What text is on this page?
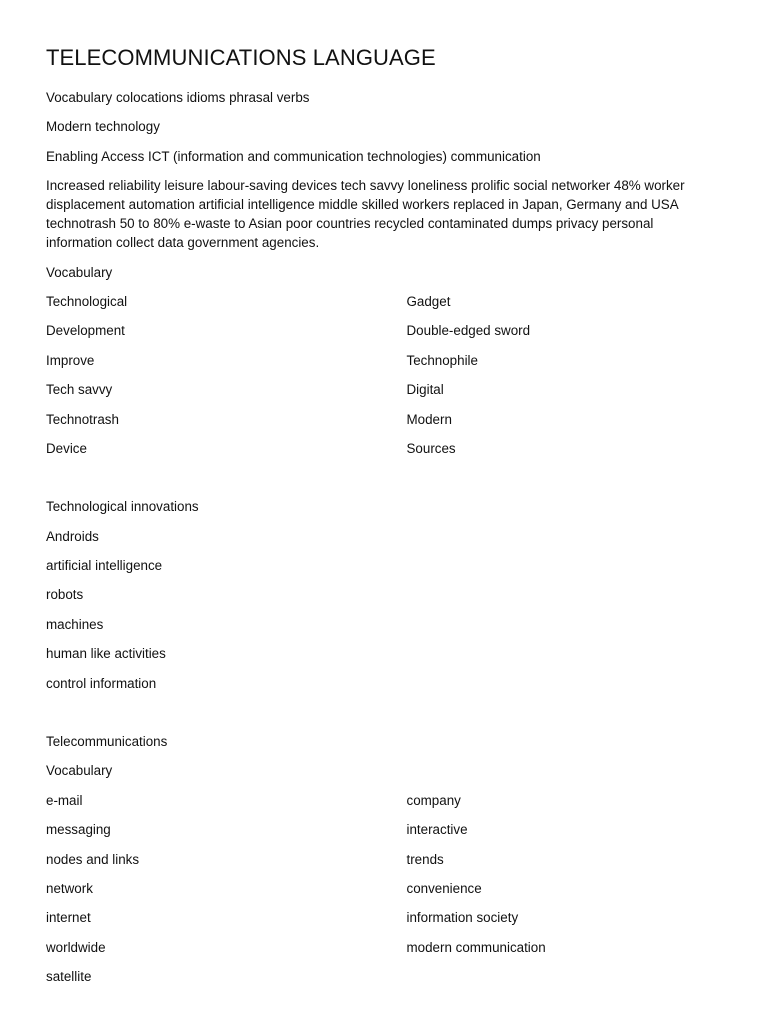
TELECOMMUNICATIONS LANGUAGE
Vocabulary colocations idioms phrasal verbs
Modern technology
Enabling Access ICT (information and communication technologies) communication

Increased reliability leisure labour-saving devices tech savvy loneliness prolific social networker 48% worker displacement automation artificial intelligence middle skilled workers replaced in Japan, Germany and USA technotrash 50 to 80% e-waste to Asian poor countries recycled contaminated dumps privacy personal information collect data government agencies.

Vocabulary
Technological	Gadget
Development	Double-edged sword
Improve	Technophile
Tech savvy	Digital
Technotrash	Modern
Device	Sources
Technological innovations
Androids
artificial intelligence
robots
machines
human like activities
control information
Telecommunications
Vocabulary
e-mail	company
messaging	interactive
nodes and links	trends
network	convenience
internet	information society
worldwide	modern communication
satellite
